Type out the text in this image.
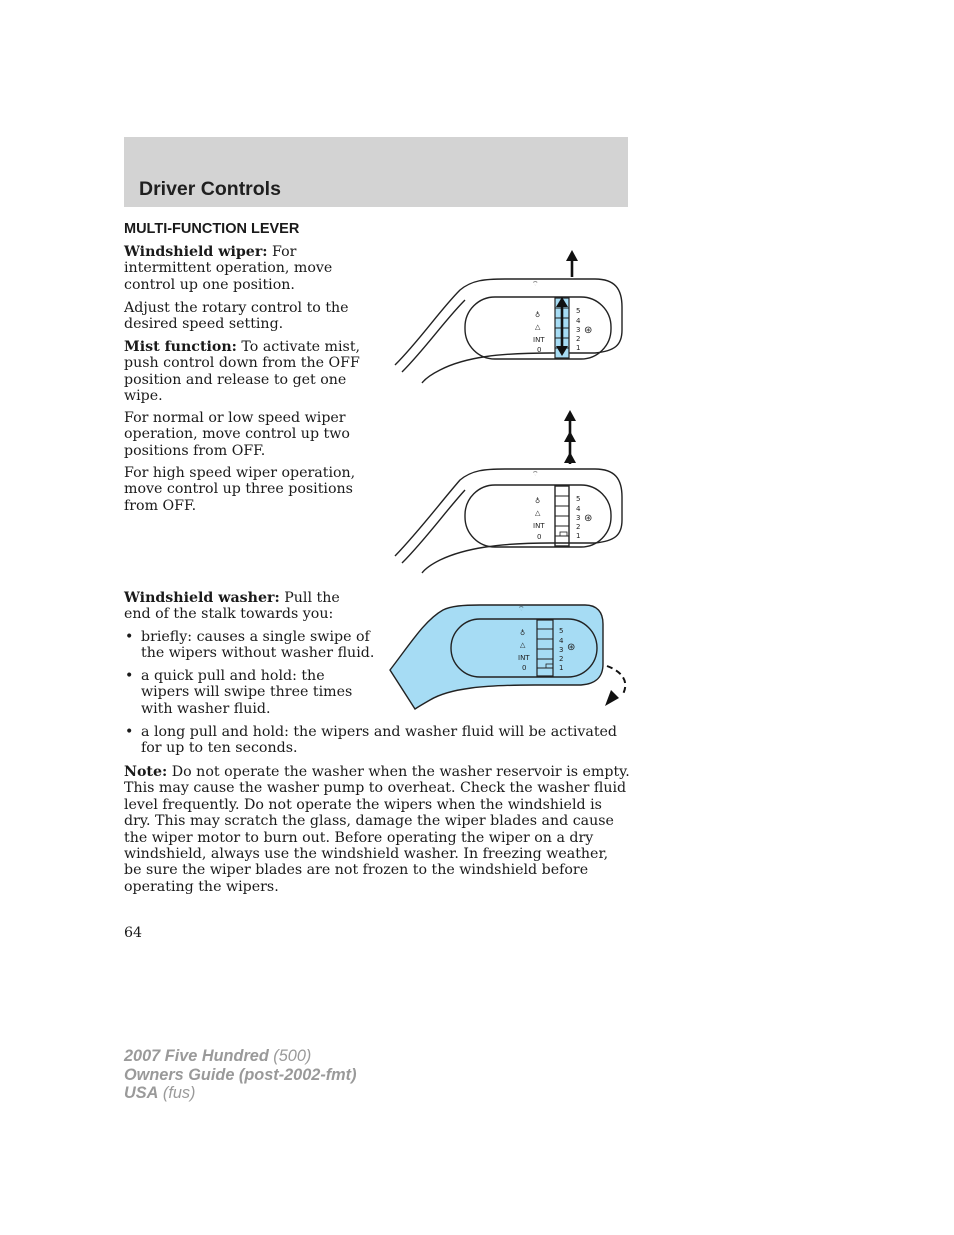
Driver Controls
MULTI-FUNCTION LEVER

Windshield wiper: For intermittent operation, move control up one position.

Adjust the rotary control to the desired speed setting.

Mist function: To activate mist, push control down from the OFF position and release to get one wipe.

For normal or low speed wiper operation, move control up two positions from OFF.

For high speed wiper operation, move control up three positions from OFF.

Windshield washer: Pull the end of the stalk towards you:

• briefly: causes a single swipe of the wipers without washer fluid.

• a quick pull and hold: the wipers will swipe three times with washer fluid.

• a long pull and hold: the wipers and washer fluid will be activated for up to ten seconds.

Note: Do not operate the washer when the washer reservoir is empty. This may cause the washer pump to overheat. Check the washer fluid level frequently. Do not operate the wipers when the windshield is dry. This may scratch the glass, damage the wiper blades and cause the wiper motor to burn out. Before operating the wiper on a dry windshield, always use the windshield washer. In freezing weather, be sure the wiper blades are not frozen to the windshield before operating the wipers.

♁
△
INT
0
5
4
3
2
1
⊛
⌔
♁
△
INT
0
5
4
3
2
1
⊛
⌔
♁
△
INT
0
5
4
3
2
1
⊛
⌔

64

2007 Five Hundred (500)
Owners Guide (post-2002-fmt)
USA (fus)
